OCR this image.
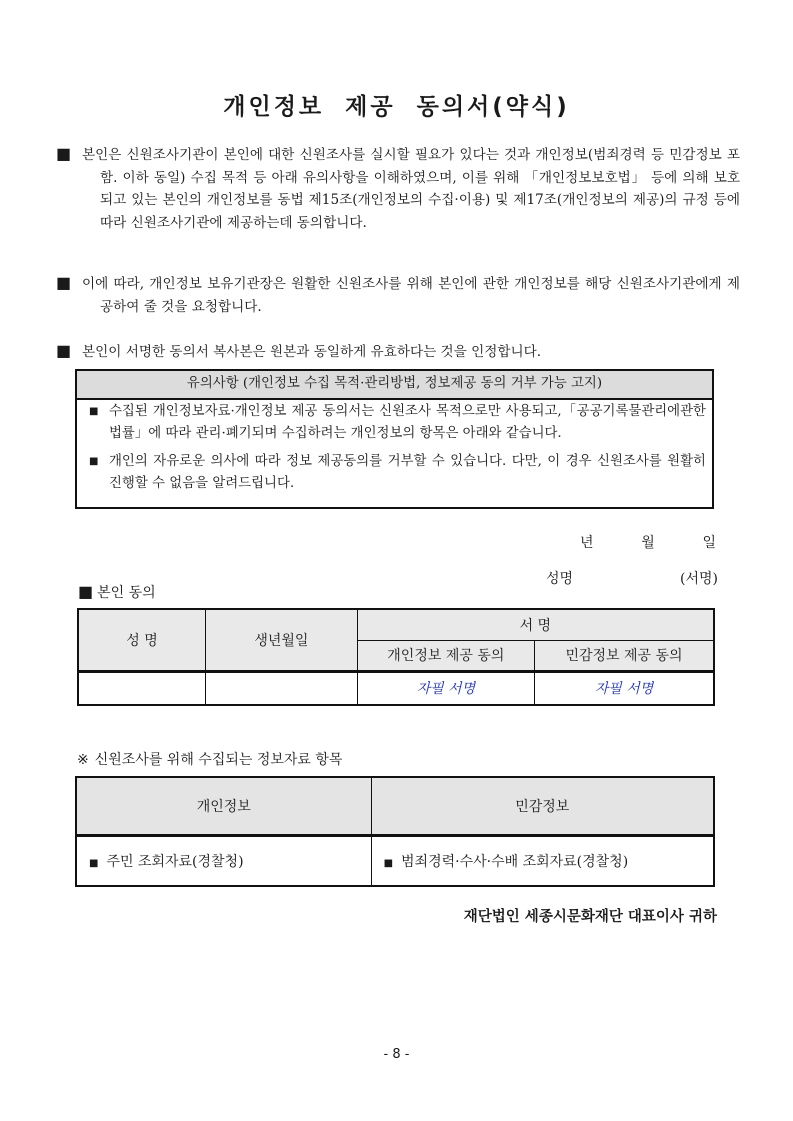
개인정보 제공 동의서(약식)
■ 본인은 신원조사기관이 본인에 대한 신원조사를 실시할 필요가 있다는 것과 개인정보(범죄경력 등 민감정보 포함. 이하 동일) 수집 목적 등 아래 유의사항을 이해하였으며, 이를 위해 「개인정보보호법」 등에 의해 보호되고 있는 본인의 개인정보를 동법 제15조(개인정보의 수집·이용) 및 제17조(개인정보의 제공)의 규정 등에 따라 신원조사기관에 제공하는데 동의합니다.
■ 이에 따라, 개인정보 보유기관장은 원활한 신원조사를 위해 본인에 관한 개인정보를 해당 신원조사기관에게 제공하여 줄 것을 요청합니다.
■ 본인이 서명한 동의서 복사본은 원본과 동일하게 유효하다는 것을 인정합니다.
유의사항 (개인정보 수집 목적·관리방법, 정보제공 동의 거부 가능 고지)
■ 수집된 개인정보자료·개인정보 제공 동의서는 신원조사 목적으로만 사용되고,「공공기록물관리에관한법률」에 따라 관리·폐기되며 수집하려는 개인정보의 항목은 아래와 같습니다.
■ 개인의 자유로운 의사에 따라 정보 제공동의를 거부할 수 있습니다. 다만, 이 경우 신원조사를 원활히 진행할 수 없음을 알려드립니다.
년	월	일
성명	(서명)
■ 본인 동의
성 명	생년월일	서 명	
		개인정보 제공 동의	민감정보 제공 동의
		자필 서명	자필 서명
※ 신원조사를 위해 수집되는 정보자료 항목
개인정보	민감정보
■ 주민 조회자료(경찰청)	■ 범죄경력·수사·수배 조회자료(경찰청)
재단법인 세종시문화재단 대표이사 귀하
- 8 -
